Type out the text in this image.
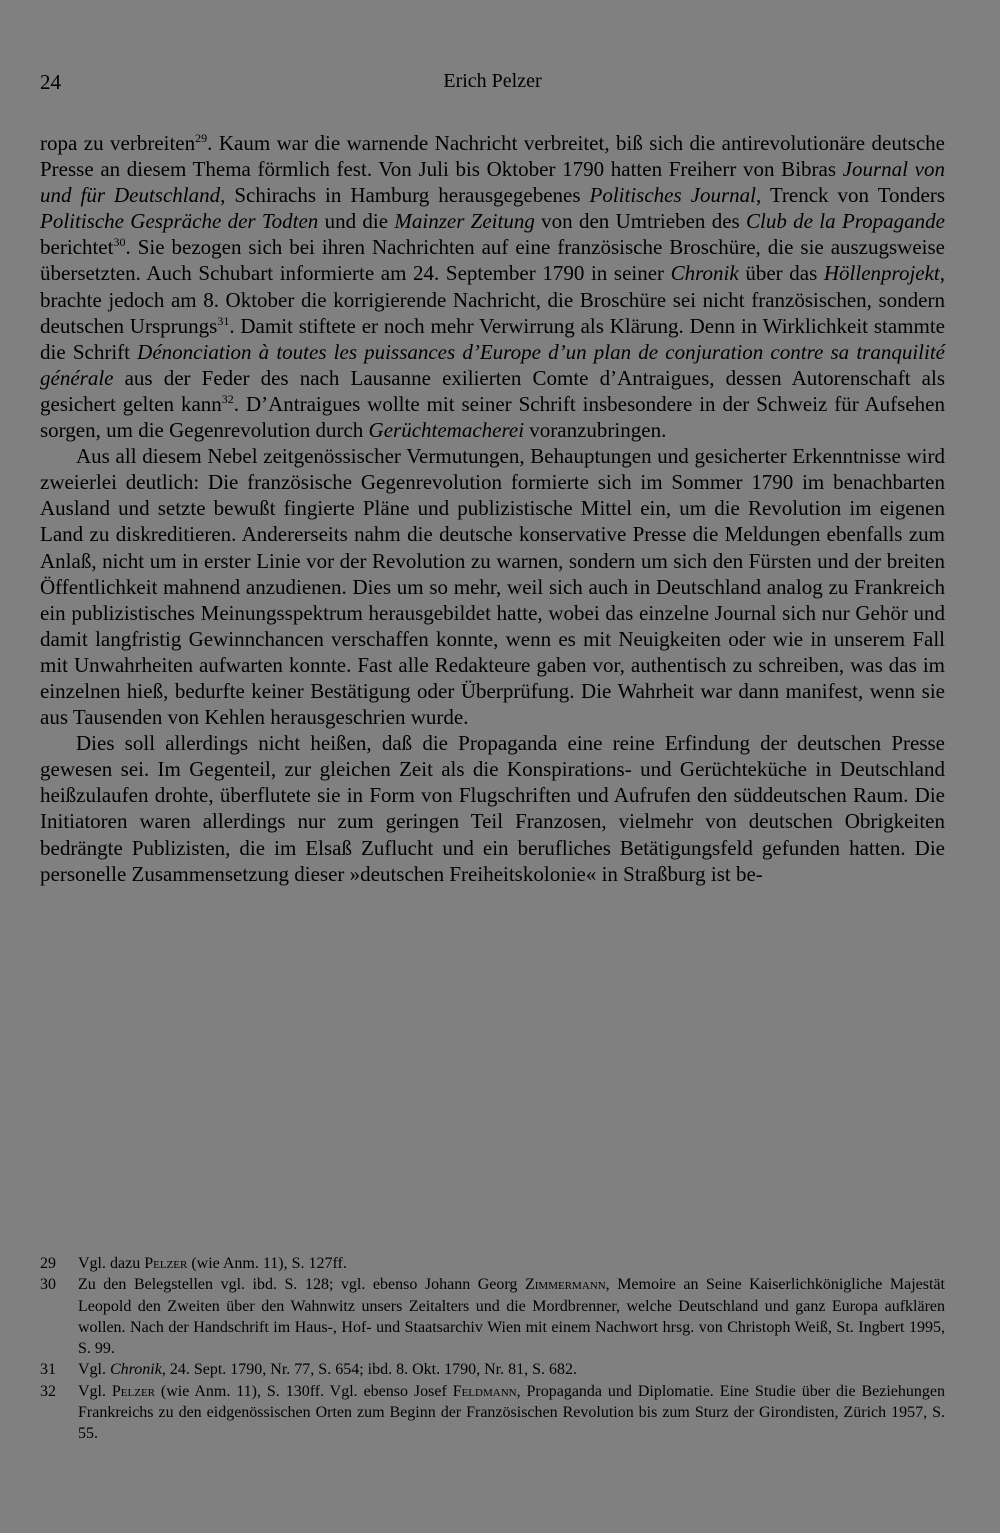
24	Erich Pelzer

ropa zu verbreiten$^{29}$. Kaum war die warnende Nachricht verbreitet, biß sich die antirevolutionäre deutsche Presse an diesem Thema förmlich fest. Von Juli bis Oktober 1790 hatten Freiherr von Bibras Journal von und für Deutschland, Schirachs in Hamburg herausgegebenes Politisches Journal, Trenck von Tonders Politische Gespräche der Todten und die Mainzer Zeitung von den Umtrieben des Club de la Propagande berichtet$^{30}$. Sie bezogen sich bei ihren Nachrichten auf eine französische Broschüre, die sie auszugsweise übersetzten. Auch Schubart informierte am 24. September 1790 in seiner Chronik über das Höllenprojekt, brachte jedoch am 8. Oktober die korrigierende Nachricht, die Broschüre sei nicht französischen, sondern deutschen Ursprungs$^{31}$. Damit stiftete er noch mehr Verwirrung als Klärung. Denn in Wirklichkeit stammte die Schrift Dénonciation à toutes les puissances d’Europe d’un plan de conjuration contre sa tranquilité générale aus der Feder des nach Lausanne exilierten Comte d’Antraigues, dessen Autorenschaft als gesichert gelten kann$^{32}$. D’Antraigues wollte mit seiner Schrift insbesondere in der Schweiz für Aufsehen sorgen, um die Gegenrevolution durch Gerüchtemacherei voranzubringen.

Aus all diesem Nebel zeitgenössischer Vermutungen, Behauptungen und gesicherter Erkenntnisse wird zweierlei deutlich: Die französische Gegenrevolution formierte sich im Sommer 1790 im benachbarten Ausland und setzte bewußt fingierte Pläne und publizistische Mittel ein, um die Revolution im eigenen Land zu diskreditieren. Andererseits nahm die deutsche konservative Presse die Meldungen ebenfalls zum Anlaß, nicht um in erster Linie vor der Revolution zu warnen, sondern um sich den Fürsten und der breiten Öffentlichkeit mahnend anzudienen. Dies um so mehr, weil sich auch in Deutschland analog zu Frankreich ein publizistisches Meinungsspektrum herausgebildet hatte, wobei das einzelne Journal sich nur Gehör und damit langfristig Gewinnchancen verschaffen konnte, wenn es mit Neuigkeiten oder wie in unserem Fall mit Unwahrheiten aufwarten konnte. Fast alle Redakteure gaben vor, authentisch zu schreiben, was das im einzelnen hieß, bedurfte keiner Bestätigung oder Überprüfung. Die Wahrheit war dann manifest, wenn sie aus Tausenden von Kehlen herausgeschrien wurde.

Dies soll allerdings nicht heißen, daß die Propaganda eine reine Erfindung der deutschen Presse gewesen sei. Im Gegenteil, zur gleichen Zeit als die Konspirations- und Gerüchteküche in Deutschland heißzulaufen drohte, überflutete sie in Form von Flugschriften und Aufrufen den süddeutschen Raum. Die Initiatoren waren allerdings nur zum geringen Teil Franzosen, vielmehr von deutschen Obrigkeiten bedrängte Publizisten, die im Elsaß Zuflucht und ein berufliches Betätigungsfeld gefunden hatten. Die personelle Zusammensetzung dieser »deutschen Freiheitskolonie« in Straßburg ist be-

29	Vgl. dazu Pelzer (wie Anm. 11), S. 127ff.
30	Zu den Belegstellen vgl. ibd. S. 128; vgl. ebenso Johann Georg Zimmermann, Memoire an Seine Kaiserlichkönigliche Majestät Leopold den Zweiten über den Wahnwitz unsers Zeitalters und die Mordbrenner, welche Deutschland und ganz Europa aufklären wollen. Nach der Handschrift im Haus-, Hof- und Staatsarchiv Wien mit einem Nachwort hrsg. von Christoph Weiß, St. Ingbert 1995, S. 99.
31	Vgl. Chronik, 24. Sept. 1790, Nr. 77, S. 654; ibd. 8. Okt. 1790, Nr. 81, S. 682.
32	Vgl. Pelzer (wie Anm. 11), S. 130ff. Vgl. ebenso Josef Feldmann, Propaganda und Diplomatie. Eine Studie über die Beziehungen Frankreichs zu den eidgenössischen Orten zum Beginn der Französischen Revolution bis zum Sturz der Girondisten, Zürich 1957, S. 55.
